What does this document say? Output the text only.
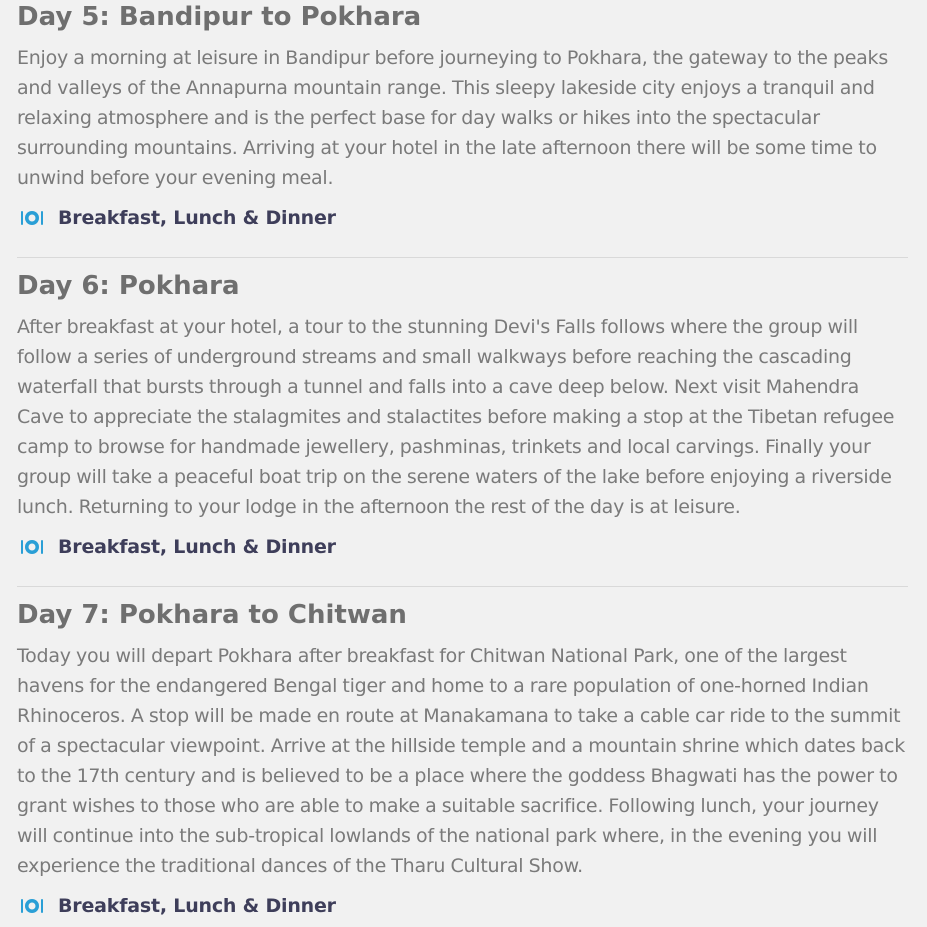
Day 5: Bandipur to Pokhara

Enjoy a morning at leisure in Bandipur before journeying to Pokhara, the gateway to the peaks and valleys of the Annapurna mountain range. This sleepy lakeside city enjoys a tranquil and relaxing atmosphere and is the perfect base for day walks or hikes into the spectacular surrounding mountains. Arriving at your hotel in the late afternoon there will be some time to unwind before your evening meal.

Breakfast, Lunch & Dinner
Day 6: Pokhara

After breakfast at your hotel, a tour to the stunning Devi's Falls follows where the group will follow a series of underground streams and small walkways before reaching the cascading waterfall that bursts through a tunnel and falls into a cave deep below. Next visit Mahendra Cave to appreciate the stalagmites and stalactites before making a stop at the Tibetan refugee camp to browse for handmade jewellery, pashminas, trinkets and local carvings. Finally your group will take a peaceful boat trip on the serene waters of the lake before enjoying a riverside lunch. Returning to your lodge in the afternoon the rest of the day is at leisure.

Breakfast, Lunch & Dinner
Day 7: Pokhara to Chitwan

Today you will depart Pokhara after breakfast for Chitwan National Park, one of the largest havens for the endangered Bengal tiger and home to a rare population of one-horned Indian Rhinoceros. A stop will be made en route at Manakamana to take a cable car ride to the summit of a spectacular viewpoint. Arrive at the hillside temple and a mountain shrine which dates back to the 17th century and is believed to be a place where the goddess Bhagwati has the power to grant wishes to those who are able to make a suitable sacrifice. Following lunch, your journey will continue into the sub-tropical lowlands of the national park where, in the evening you will experience the traditional dances of the Tharu Cultural Show.

Breakfast, Lunch & Dinner
